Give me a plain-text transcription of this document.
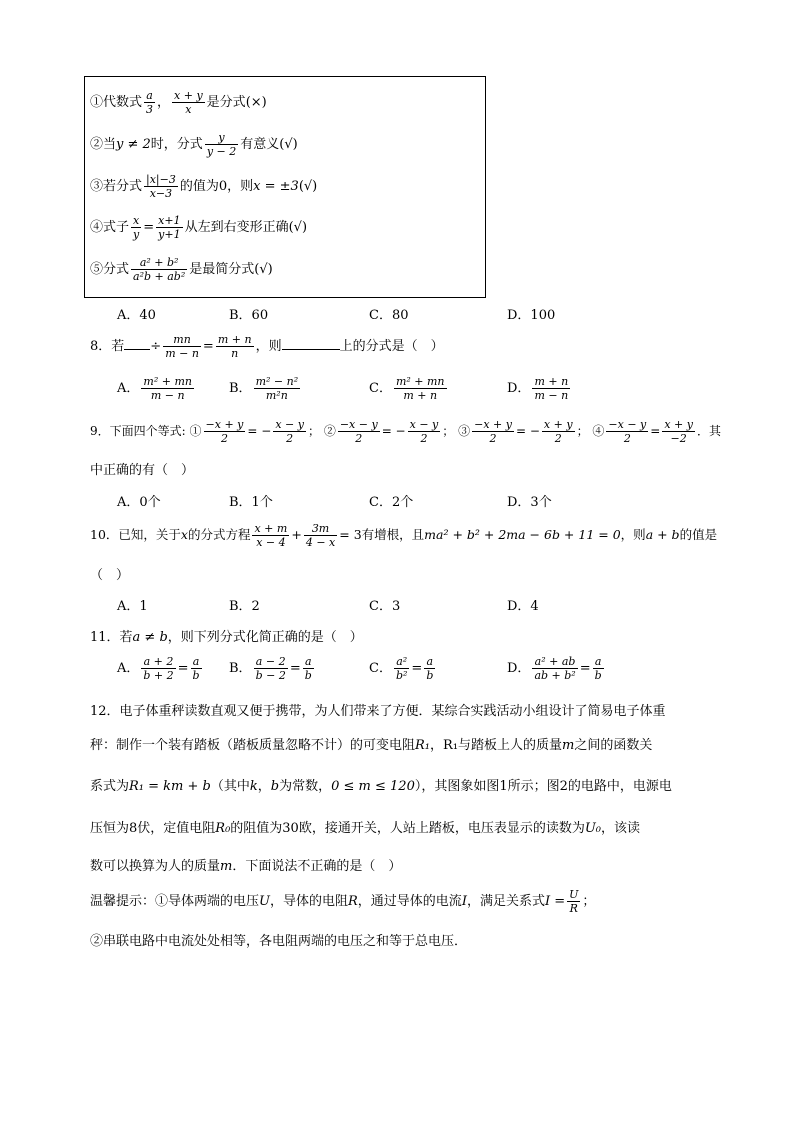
①代数式 $\frac{a}{3}$ ， $\frac{x + y}{x}$ 是分式(×)
②当y ≠ 2时，分式 $\frac{y}{y - 2}$ 有意义(√)
③若分式 $\frac{|x|-3}{x-3}$ 的值为0，则x = ±3(√)
④式子 $\frac{x}{y} = \frac{x+1}{y+1}$ 从左到右变形正确(√)
⑤分式 $\frac{\text{a² + b²}}{\text{a²b + ab²}}$ 是最简分式(√)
A．40	B．60	C．80	D．100
8．若 ÷ $\frac{mn}{m - n} = \frac{m + n}{n}$ ，则	上的分式是（　）
A． $\frac{\text{m² + mn}}{m - n}$	B． $\frac{\text{m² − n²}}{\text{m²n}}$	C． $\frac{\text{m² + mn}}{m + n}$	D． $\frac{m + n}{m - n}$
9．下面四个等式: ① $\frac{-x + y}{2}$ = − $\frac{x - y}{2}$ ； ② $\frac{-x - y}{2}$ = − $\frac{x - y}{2}$ ； ③ $\frac{-x + y}{2}$ = − $\frac{x + y}{2}$ ； ④ $\frac{-x - y}{2} = \frac{x + y}{-2}$ ．其
中正确的有（　）
A．0个	B．1个	C．2个	D．3个
10．已知，关于x的分式方程 $\frac{x + m}{x - 4} + \frac{3m}{4 - x} = 3$有增根，且ma² + b² + 2ma − 6b + 11 = 0，则a + b的值是
（　）
A．1	B．2	C．3	D．4
11．若a ≠ b，则下列分式化简正确的是（　）
A． $\frac{a + 2}{b + 2} = \frac{a}{b}$ B． $\frac{a - 2}{b - 2} = \frac{a}{b}$	C． $\frac{\text{a²}}{\text{b²}} = \frac{a}{b}$	D． $\frac{\text{a² + ab}}{\text{ab + b²}} = \frac{a}{b}$
12．电子体重秤读数直观又便于携带，为人们带来了方便．某综合实践活动小组设计了简易电子体重
秤：制作一个装有踏板（踏板质量忽略不计）的可变电阻R₁，R₁与踏板上人的质量m之间的函数关
系式为R₁ = km + b（其中k，b为常数，0 ≤ m ≤ 120），其图象如图1所示；图2的电路中，电源电
压恒为8伏，定值电阻R₀的阻值为30欧，接通开关，人站上踏板，电压表显示的读数为U₀，该读
数可以换算为人的质量m．下面说法不正确的是（　）
温馨提示：①导体两端的电压U，导体的电阻R，通过导体的电流I，满足关系式$I = \frac{U}{R}$ ；
②串联电路中电流处处相等，各电阻两端的电压之和等于总电压．
